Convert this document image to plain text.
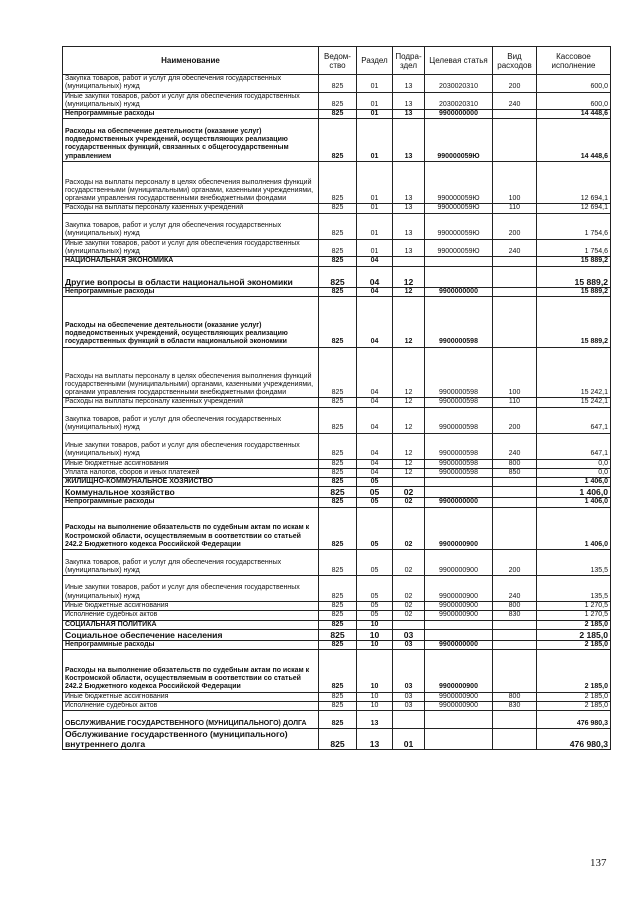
Наименование	Ведом-ство	Раздел	Подра-здел	Целевая статья	Вид расходов	Кассовое исполнение
Закупка товаров, работ и услуг для обеспечения государственных (муниципальных) нужд	825	01	13	2030020310	200	600,0
Иные закупки товаров, работ и услуг для обеспечения государственных (муниципальных) нужд	825	01	13	2030020310	240	600,0
Непрограммные расходы	825	01	13	9900000000		14 448,6
Расходы на обеспечение деятельности (оказание услуг) подведомственных учреждений, осуществляющих реализацию государственных функций, связанных с общегосударственным управлением	825	01	13	990000059Ю		14 448,6
Расходы на выплаты персоналу в целях обеспечения выполнения функций государственными (муниципальными) органами, казенными учреждениями, органами управления государственными внебюджетными фондами	825	01	13	990000059Ю	100	12 694,1
Расходы на выплаты персоналу казенных учреждений	825	01	13	990000059Ю	110	12 694,1
Закупка товаров, работ и услуг для обеспечения государственных (муниципальных) нужд	825	01	13	990000059Ю	200	1 754,6
Иные закупки товаров, работ и услуг для обеспечения государственных (муниципальных) нужд	825	01	13	990000059Ю	240	1 754,6
НАЦИОНАЛЬНАЯ ЭКОНОМИКА	825	04				15 889,2
Другие вопросы в области национальной экономики	825	04	12			15 889,2
Непрограммные расходы	825	04	12	9900000000		15 889,2
Расходы на обеспечение деятельности (оказание услуг) подведомственных учреждений, осуществляющих реализацию государственных функций в области национальной экономики	825	04	12	9900000598		15 889,2
Расходы на выплаты персоналу в целях обеспечения выполнения функций государственными (муниципальными) органами, казенными учреждениями, органами управления государственными внебюджетными фондами	825	04	12	9900000598	100	15 242,1
Расходы на выплаты персоналу казенных учреждений	825	04	12	9900000598	110	15 242,1
Закупка товаров, работ и услуг для обеспечения государственных (муниципальных) нужд	825	04	12	9900000598	200	647,1
Иные закупки товаров, работ и услуг для обеспечения государственных (муниципальных) нужд	825	04	12	9900000598	240	647,1
Иные бюджетные ассигнования	825	04	12	9900000598	800	0,0
Уплата налогов, сборов и иных платежей	825	04	12	9900000598	850	0,0
ЖИЛИЩНО-КОММУНАЛЬНОЕ ХОЗЯЙСТВО	825	05				1 406,0
Коммунальное хозяйство	825	05	02			1 406,0
Непрограммные расходы	825	05	02	9900000000		1 406,0
Расходы на выполнение обязательств по судебным актам по искам к Костромской области, осуществляемым в соответствии со статьей 242.2 Бюджетного кодекса Российской Федерации	825	05	02	9900000900		1 406,0
Закупка товаров, работ и услуг для обеспечения государственных (муниципальных) нужд	825	05	02	9900000900	200	135,5
Иные закупки товаров, работ и услуг для обеспечения государственных (муниципальных) нужд	825	05	02	9900000900	240	135,5
Иные бюджетные ассигнования	825	05	02	9900000900	800	1 270,5
Исполнение судебных актов	825	05	02	9900000900	830	1 270,5
СОЦИАЛЬНАЯ ПОЛИТИКА	825	10				2 185,0
Социальное обеспечение населения	825	10	03			2 185,0
Непрограммные расходы	825	10	03	9900000000		2 185,0
Расходы на выполнение обязательств по судебным актам по искам к Костромской области, осуществляемым в соответствии со статьей 242.2 Бюджетного кодекса Российской Федерации	825	10	03	9900000900		2 185,0
Иные бюджетные ассигнования	825	10	03	9900000900	800	2 185,0
Исполнение судебных актов	825	10	03	9900000900	830	2 185,0
ОБСЛУЖИВАНИЕ ГОСУДАРСТВЕННОГО (МУНИЦИПАЛЬНОГО) ДОЛГА	825	13				476 980,3
Обслуживание государственного (муниципального) внутреннего долга	825	13	01			476 980,3
137
